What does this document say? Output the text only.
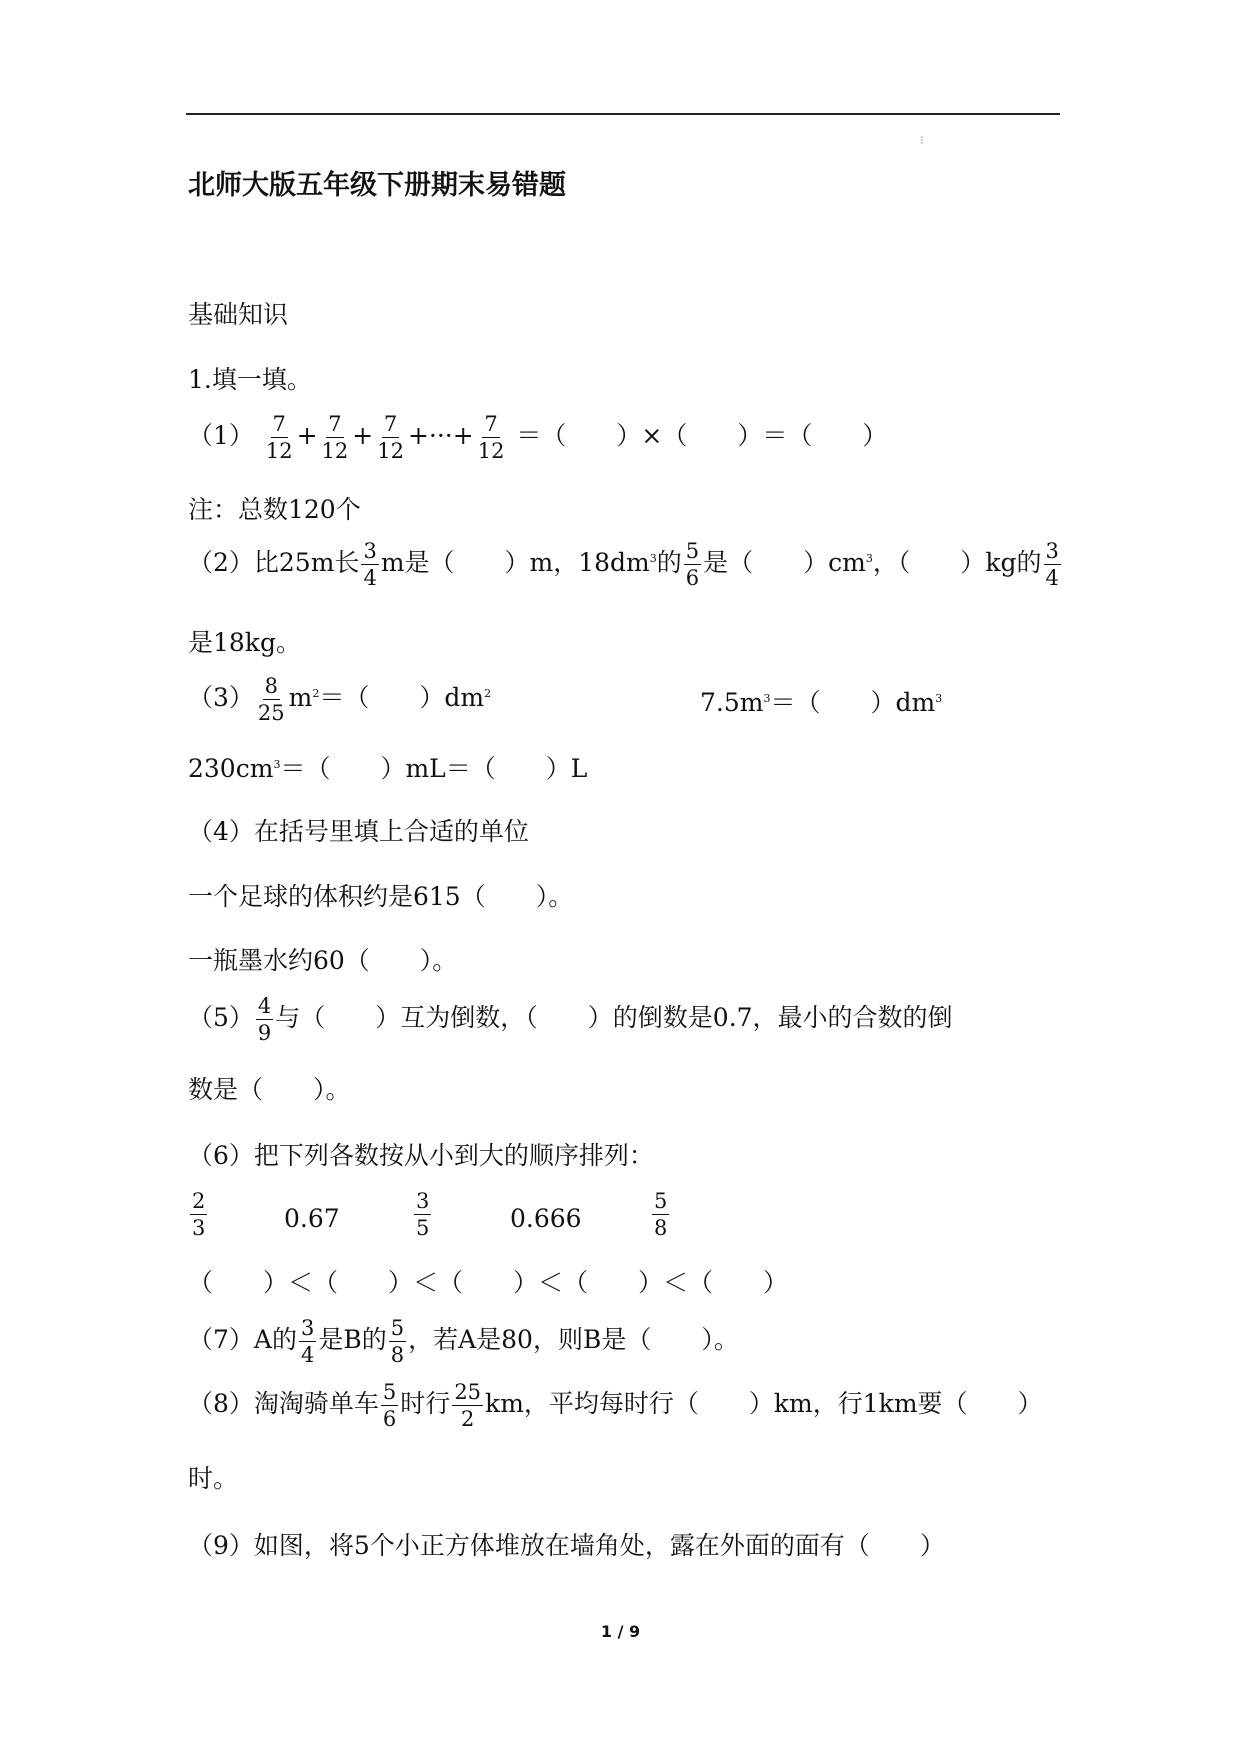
⁝
北师大版五年级下册期末易错题
基础知识
1.填一填。
$(1) \frac{7}{12} + \frac{7}{12} + \frac{7}{12}$ +···+ $\frac{7}{12}$ ＝（　　）×（　　）＝（　　）
注：总数120个
（2）比25m长 $\frac{3}{4}$ m是（　　）m，$18dm^3$的 $\frac{5}{6}$ 是（　　）$cm^3$，（　　）kg的 $\frac{3}{4}$
是18kg。
$(3) \frac{8}{25} m^2=$（　　）$dm^2$	$7.5m^3=$（　　）$dm^3$
$230cm^3=$（　　）mL＝（　　）L
（4）在括号里填上合适的单位
一个足球的体积约是615（　　）。
一瓶墨水约60（　　）。
$(5) \frac{4}{9}$ 与（　　）互为倒数，（　　）的倒数是0.7，最小的合数的倒
数是（　　）。
（6）把下列各数按从小到大的顺序排列：
$\frac{2}{3}$	0.67	$\frac{3}{5}$	0.666	$\frac{5}{8}$
（　　）＜（　　）＜（　　）＜（　　）＜（　　）
（7）A的 $\frac{3}{4}$ 是B的 $\frac{5}{8}$ ，若A是80，则B是（　　）。
（8）淘淘骑单车 $\frac{5}{6}$ 时行 $\frac{25}{2}$ km，平均每时行（　　）km，行1km要（　　）
时。
（9）如图，将5个小正方体堆放在墙角处，露在外面的面有（　　）
1 / 9
